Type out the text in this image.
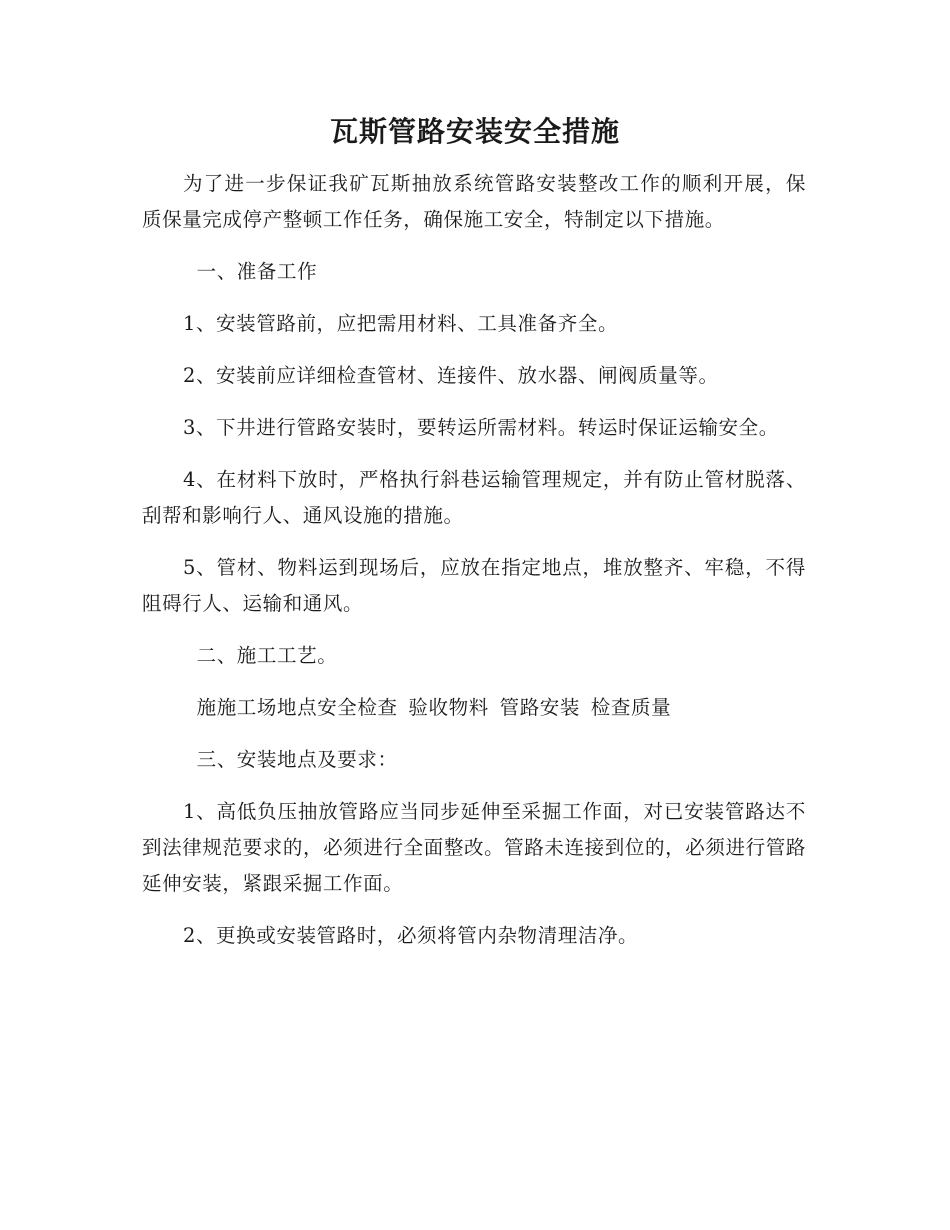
瓦斯管路安装安全措施

为了进一步保证我矿瓦斯抽放系统管路安装整改工作的顺利开展，保质保量完成停产整顿工作任务，确保施工安全，特制定以下措施。

一、准备工作

1、安装管路前，应把需用材料、工具准备齐全。

2、安装前应详细检查管材、连接件、放水器、闸阀质量等。

3、下井进行管路安装时，要转运所需材料。转运时保证运输安全。

4、在材料下放时，严格执行斜巷运输管理规定，并有防止管材脱落、刮帮和影响行人、通风设施的措施。

5、管材、物料运到现场后，应放在指定地点，堆放整齐、牢稳，不得阻碍行人、运输和通风。

二、施工工艺。

施施工场地点安全检查 验收物料 管路安装 检查质量

三、安装地点及要求：

1、高低负压抽放管路应当同步延伸至采掘工作面，对已安装管路达不到法律规范要求的，必须进行全面整改。管路未连接到位的，必须进行管路延伸安装，紧跟采掘工作面。

2、更换或安装管路时，必须将管内杂物清理洁净。
